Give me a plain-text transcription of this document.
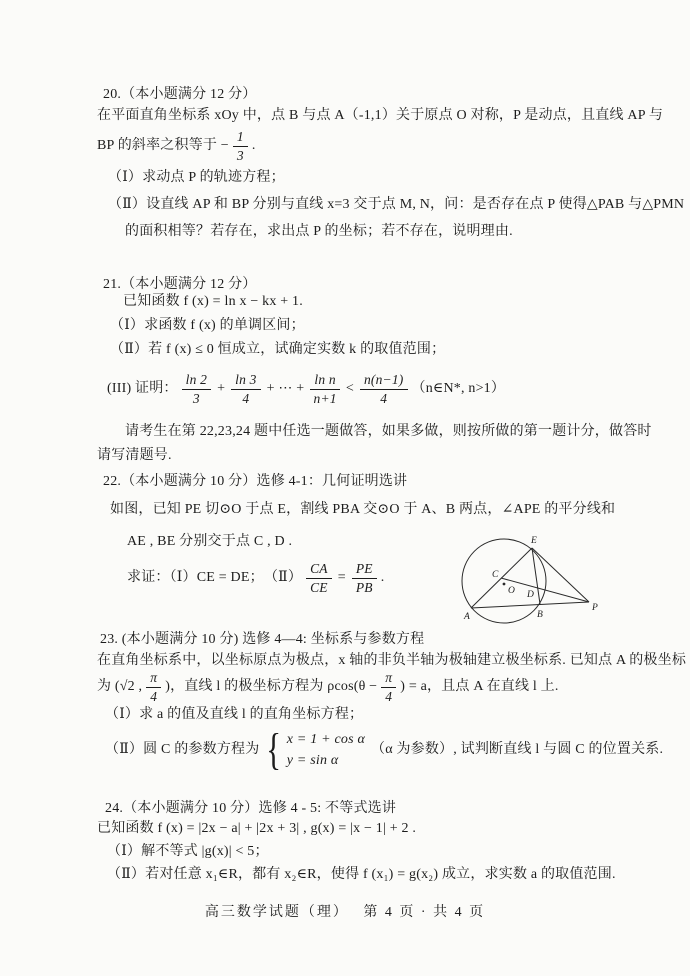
20.（本小题满分 12 分）
在平面直角坐标系 xOy 中，点 B 与点 A（-1,1）关于原点 O 对称，P 是动点，且直线 AP 与
BP 的斜率之积等于 − $\frac{1}{3}$ .
（Ⅰ）求动点 P 的轨迹方程；
（Ⅱ）设直线 AP 和 BP 分别与直线 x=3 交于点 M, N，问：是否存在点 P 使得△PAB 与△PMN
的面积相等？若存在，求出点 P 的坐标；若不存在，说明理由.
21.（本小题满分 12 分）
已知函数 f (x) = ln x − kx + 1.
（Ⅰ）求函数 f (x) 的单调区间；
（Ⅱ）若 f (x) ≤ 0 恒成立，试确定实数 k 的取值范围；
(III) 证明： $\frac{\ln 2}{3} + \frac{\ln 3}{4}$ + ⋯ + $\frac{\text{ln n}}{n+1} < \frac{n(n-1)}{4}$ （n∈N*, n>1）
请考生在第 22,23,24 题中任选一题做答，如果多做，则按所做的第一题计分，做答时
请写清题号.
22.（本小题满分 10 分）选修 4-1：几何证明选讲
如图，已知 PE 切⊙O 于点 E，割线 PBA 交⊙O 于 A、B 两点，∠APE 的平分线和
AE , BE 分别交于点 C , D .
求证：（Ⅰ）CE = DE；　（Ⅱ） $\frac{CA}{CE} = \frac{PE}{PB}$ .
E
C
O D
A	B
P
23. (本小题满分 10 分) 选修 4—4: 坐标系与参数方程
在直角坐标系中，以坐标原点为极点，x 轴的非负半轴为极轴建立极坐标系. 已知点 A 的极坐标
为 (√2 , $\frac{\pi}{4}$ )，直线 l 的极坐标方程为 $\rho\cos(\theta - \frac{\pi}{4}$ ) = a，且点 A 在直线 l 上.
（Ⅰ）求 a 的值及直线 l 的直角坐标方程；
（Ⅱ）圆 C 的参数方程为 { x = 1 + cos α
y = sin α
（α 为参数）, 试判断直线 l 与圆 C 的位置关系.
24.（本小题满分 10 分）选修 4 - 5: 不等式选讲
已知函数 f (x) = |2x − a| + |2x + 3| , g(x) = |x − 1| + 2 .
（Ⅰ）解不等式 |g(x)| < 5；
（Ⅱ）若对任意 x₁∈R，都有 x₂∈R，使得 f (x₁) = g(x₂) 成立，求实数 a 的取值范围.
高三数学试题（理）　 第 4 页 · 共 4 页
